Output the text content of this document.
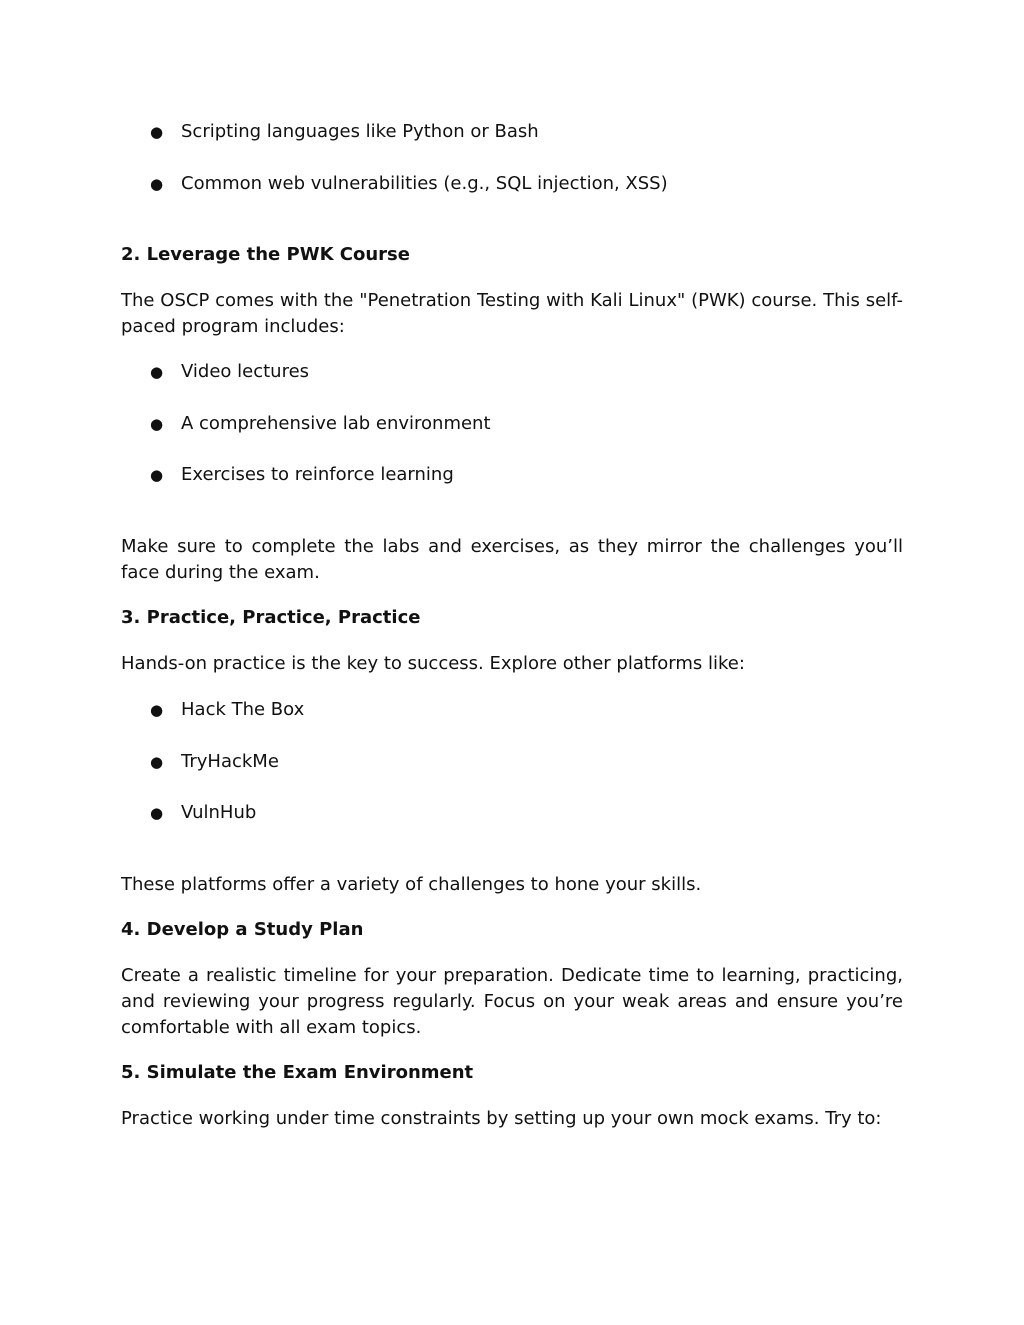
● Scripting languages like Python or Bash
● Common web vulnerabilities (e.g., SQL injection, XSS)

2. Leverage the PWK Course

The OSCP comes with the "Penetration Testing with Kali Linux" (PWK) course. This self-paced program includes:

● Video lectures
● A comprehensive lab environment
● Exercises to reinforce learning

Make sure to complete the labs and exercises, as they mirror the challenges you’ll face during the exam.

3. Practice, Practice, Practice

Hands-on practice is the key to success. Explore other platforms like:

● Hack The Box
● TryHackMe
● VulnHub

These platforms offer a variety of challenges to hone your skills.

4. Develop a Study Plan

Create a realistic timeline for your preparation. Dedicate time to learning, practicing, and reviewing your progress regularly. Focus on your weak areas and ensure you’re comfortable with all exam topics.

5. Simulate the Exam Environment

Practice working under time constraints by setting up your own mock exams. Try to:
